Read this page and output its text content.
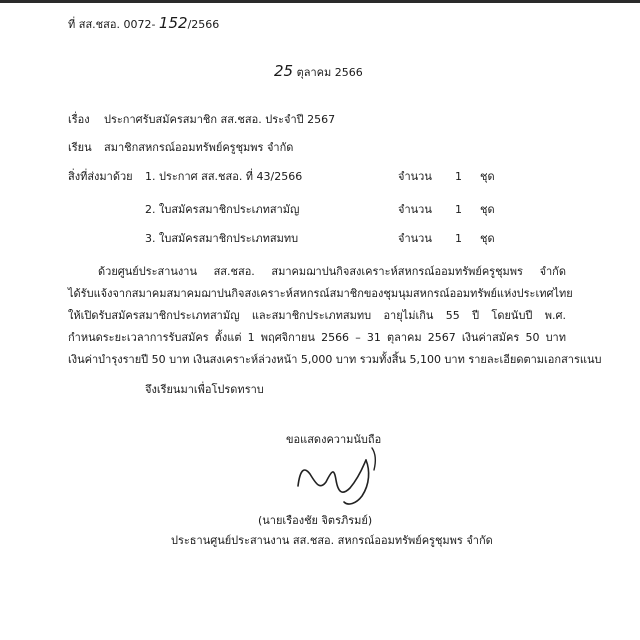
ที่ สส.ชสอ. 0072- 152/2566
25 ตุลาคม 2566
เรื่อง ประกาศรับสมัครสมาชิก สส.ชสอ. ประจำปี 2567
เรียน สมาชิกสหกรณ์ออมทรัพย์ครูชุมพร จำกัด
สิ่งที่ส่งมาด้วย 1. ประกาศ สส.ชสอ. ที่ 43/2566	จำนวน 1 ชุด
2. ใบสมัครสมาชิกประเภทสามัญ	จำนวน 1 ชุด
3. ใบสมัครสมาชิกประเภทสมทบ	จำนวน 1 ชุด
ด้วยศูนย์ประสานงาน สส.ชสอ. สมาคมฌาปนกิจสงเคราะห์สหกรณ์ออมทรัพย์ครูชุมพร จำกัด
ได้รับแจ้งจากสมาคมสมาคมฌาปนกิจสงเคราะห์สหกรณ์สมาชิกของชุมนุมสหกรณ์ออมทรัพย์แห่งประเทศไทย
ให้เปิดรับสมัครสมาชิกประเภทสามัญ และสมาชิกประเภทสมทบ อายุไม่เกิน 55 ปี โดยนับปี พ.ศ.
กำหนดระยะเวลาการรับสมัคร ตั้งแต่ 1 พฤศจิกายน 2566 – 31 ตุลาคม 2567 เงินค่าสมัคร 50 บาท
เงินค่าบำรุงรายปี 50 บาท เงินสงเคราะห์ล่วงหน้า 5,000 บาท รวมทั้งสิ้น 5,100 บาท รายละเอียดตามเอกสารแนบ
จึงเรียนมาเพื่อโปรดทราบ
ขอแสดงความนับถือ
(นายเรืองชัย จิตรภิรมย์)
ประธานศูนย์ประสานงาน สส.ชสอ. สหกรณ์ออมทรัพย์ครูชุมพร จำกัด
